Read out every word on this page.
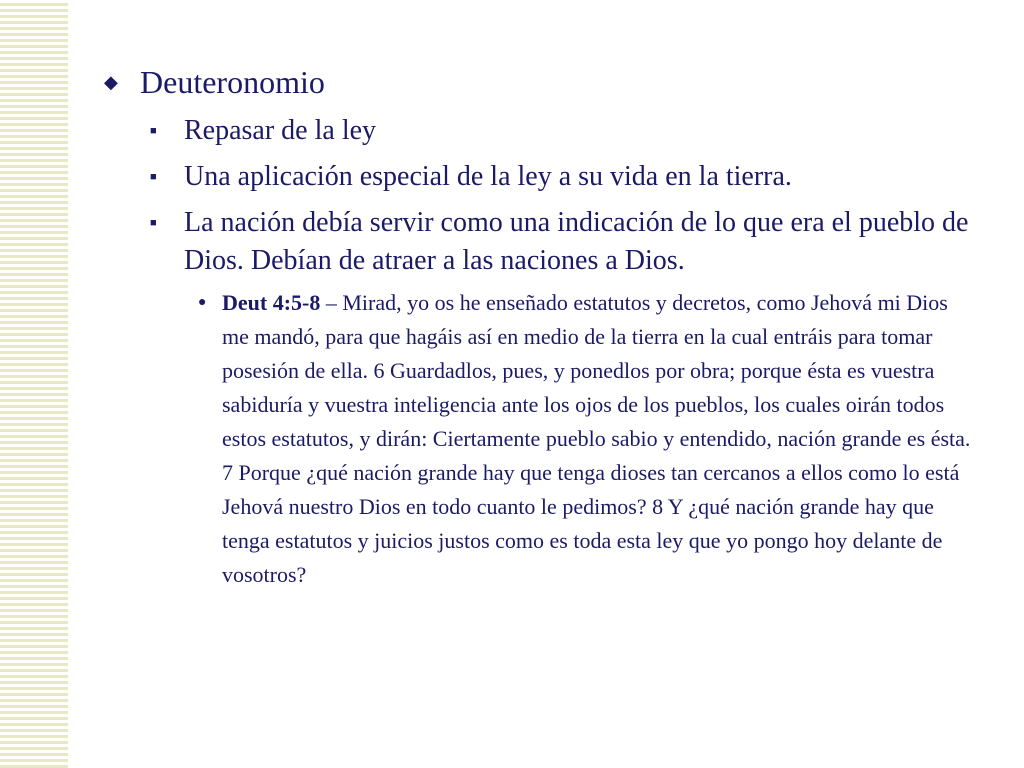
◆ Deuteronomio
■ Repasar de la ley
■ Una aplicación especial de la ley a su vida en la tierra.
■ La nación debía servir como una indicación de lo que era el pueblo de Dios. Debían de atraer a las naciones a Dios.
● Deut 4:5-8 – Mirad, yo os he enseñado estatutos y decretos, como Jehová mi Dios me mandó, para que hagáis así en medio de la tierra en la cual entráis para tomar posesión de ella. 6 Guardadlos, pues, y ponedlos por obra; porque ésta es vuestra sabiduría y vuestra inteligencia ante los ojos de los pueblos, los cuales oirán todos estos estatutos, y dirán: Ciertamente pueblo sabio y entendido, nación grande es ésta. 7 Porque ¿qué nación grande hay que tenga dioses tan cercanos a ellos como lo está Jehová nuestro Dios en todo cuanto le pedimos? 8 Y ¿qué nación grande hay que tenga estatutos y juicios justos como es toda esta ley que yo pongo hoy delante de vosotros?
